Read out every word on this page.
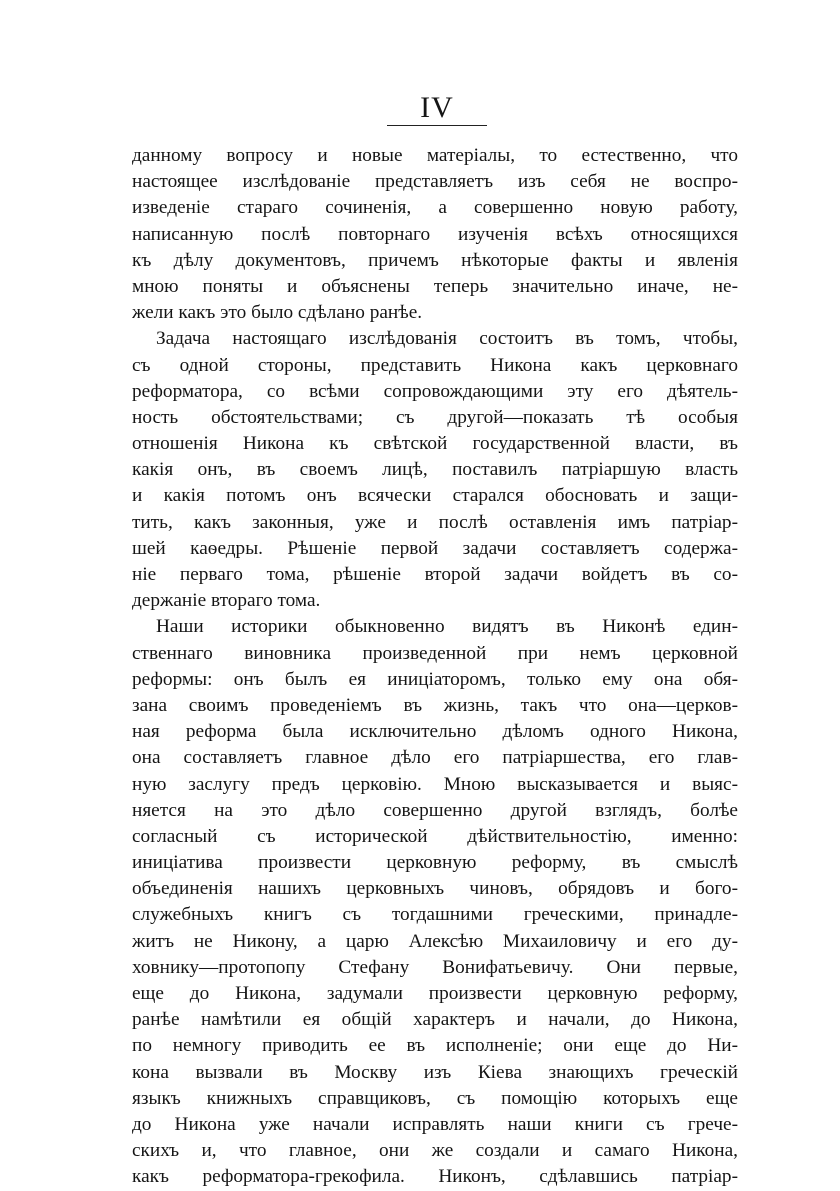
IV
данному вопросу и новые матеріалы, то естественно, что
настоящее изслѣдованіе представляетъ изъ себя не воспро-
изведеніе стараго сочиненія, а совершенно новую работу,
написанную послѣ повторнаго изученія всѣхъ относящихся
къ дѣлу документовъ, причемъ нѣкоторые факты и явленія
мною поняты и объяснены теперь значительно иначе, не-
жели какъ это было сдѣлано ранѣе.
Задача настоящаго изслѣдованія состоитъ въ томъ, чтобы,
съ одной стороны, представить Никона какъ церковнаго
реформатора, со всѣми сопровождающими эту его дѣятель-
ность обстоятельствами; съ другой—показать тѣ особыя
отношенія Никона къ свѣтской государственной власти, въ
какія онъ, въ своемъ лицѣ, поставилъ патріаршую власть
и какія потомъ онъ всячески старался обосновать и защи-
тить, какъ законныя, уже и послѣ оставленія имъ патріар-
шей каѳедры. Рѣшеніе первой задачи составляетъ содержа-
ніе перваго тома, рѣшеніе второй задачи войдетъ въ со-
держаніе втораго тома.
Наши историки обыкновенно видятъ въ Никонѣ един-
ственнаго виновника произведенной при немъ церковной
реформы: онъ былъ ея иниціаторомъ, только ему она обя-
зана своимъ проведеніемъ въ жизнь, такъ что она—церков-
ная реформа была исключительно дѣломъ одного Никона,
она составляетъ главное дѣло его патріаршества, его глав-
ную заслугу предъ церковію. Мною высказывается и выяс-
няется на это дѣло совершенно другой взглядъ, болѣе
согласный съ исторической дѣйствительностію, именно:
иниціатива произвести церковную реформу, въ смыслѣ
объединенія нашихъ церковныхъ чиновъ, обрядовъ и бого-
служебныхъ книгъ съ тогдашними греческими, принадле-
житъ не Никону, а царю Алексѣю Михаиловичу и его ду-
ховнику—протопопу Стефану Вонифатьевичу. Они первые,
еще до Никона, задумали произвести церковную реформу,
ранѣе намѣтили ея общій характеръ и начали, до Никона,
по немногу приводить ее въ исполненіе; они еще до Ни-
кона вызвали въ Москву изъ Кіева знающихъ греческій
языкъ книжныхъ справщиковъ, съ помощію которыхъ еще
до Никона уже начали исправлять наши книги съ грече-
скихъ и, что главное, они же создали и самаго Никона,
какъ реформатора-грекофила. Никонъ, сдѣлавшись патріар-
